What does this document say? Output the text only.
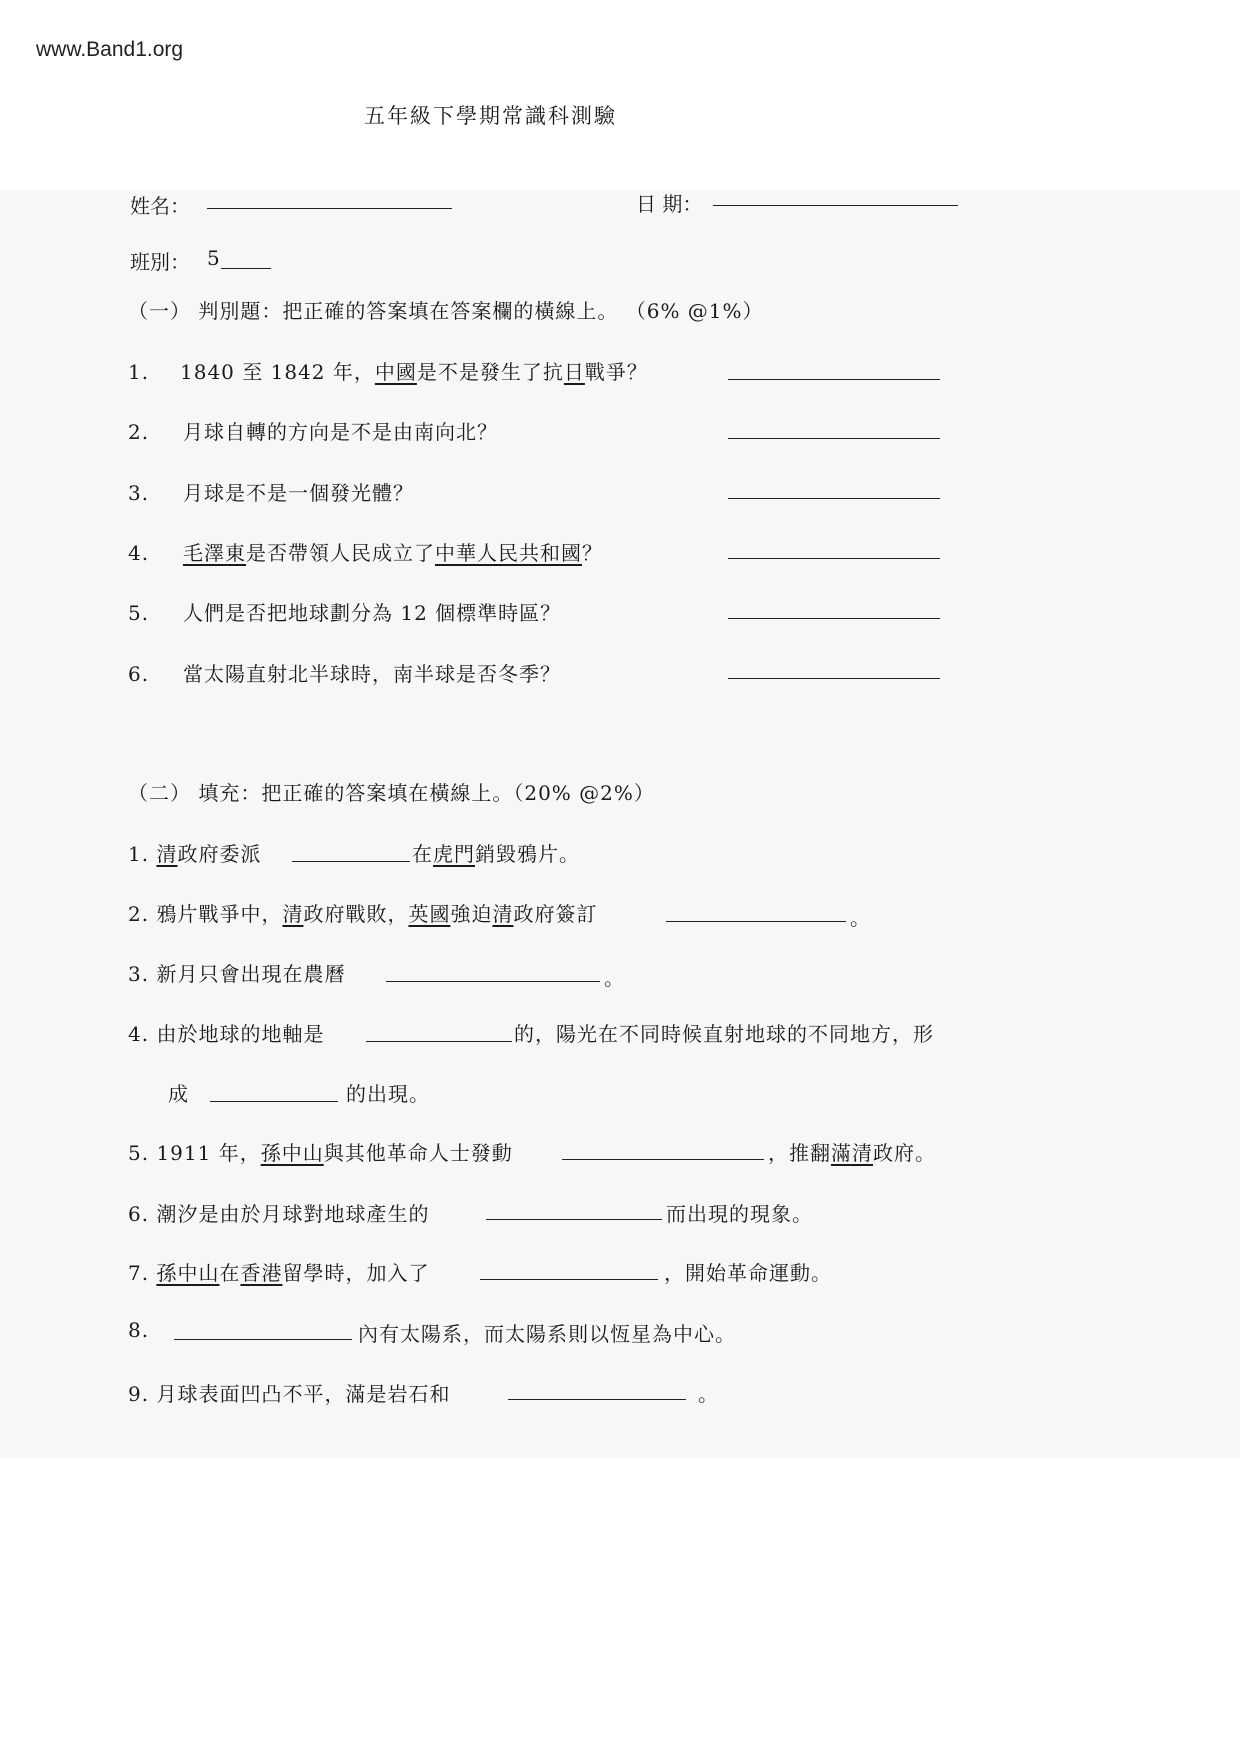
www.Band1.org
五年級下學期常識科測驗
姓名：	日 期：
班別： 5
（一） 判別題：把正確的答案填在答案欄的橫線上。 （6% @1%）
1. 1840 至 1842 年，中國是不是發生了抗日戰爭？
2. 月球自轉的方向是不是由南向北？
3. 月球是不是一個發光體？
4. 毛澤東是否帶領人民成立了中華人民共和國？
5. 人們是否把地球劃分為 12 個標準時區？
6. 當太陽直射北半球時，南半球是否冬季？
（二） 填充：把正確的答案填在橫線上。（20% @2%）
1. 清政府委派	在虎門銷毀鴉片。
2. 鴉片戰爭中，清政府戰敗，英國強迫清政府簽訂	。
3. 新月只會出現在農曆	。
4. 由於地球的地軸是	的，陽光在不同時候直射地球的不同地方，形
成	的出現。
5. 1911 年，孫中山與其他革命人士發動	，推翻滿清政府。
6. 潮汐是由於月球對地球產生的	而出現的現象。
7. 孫中山在香港留學時，加入了	，開始革命運動。
8.	內有太陽系，而太陽系則以恆星為中心。
9. 月球表面凹凸不平，滿是岩石和	。
